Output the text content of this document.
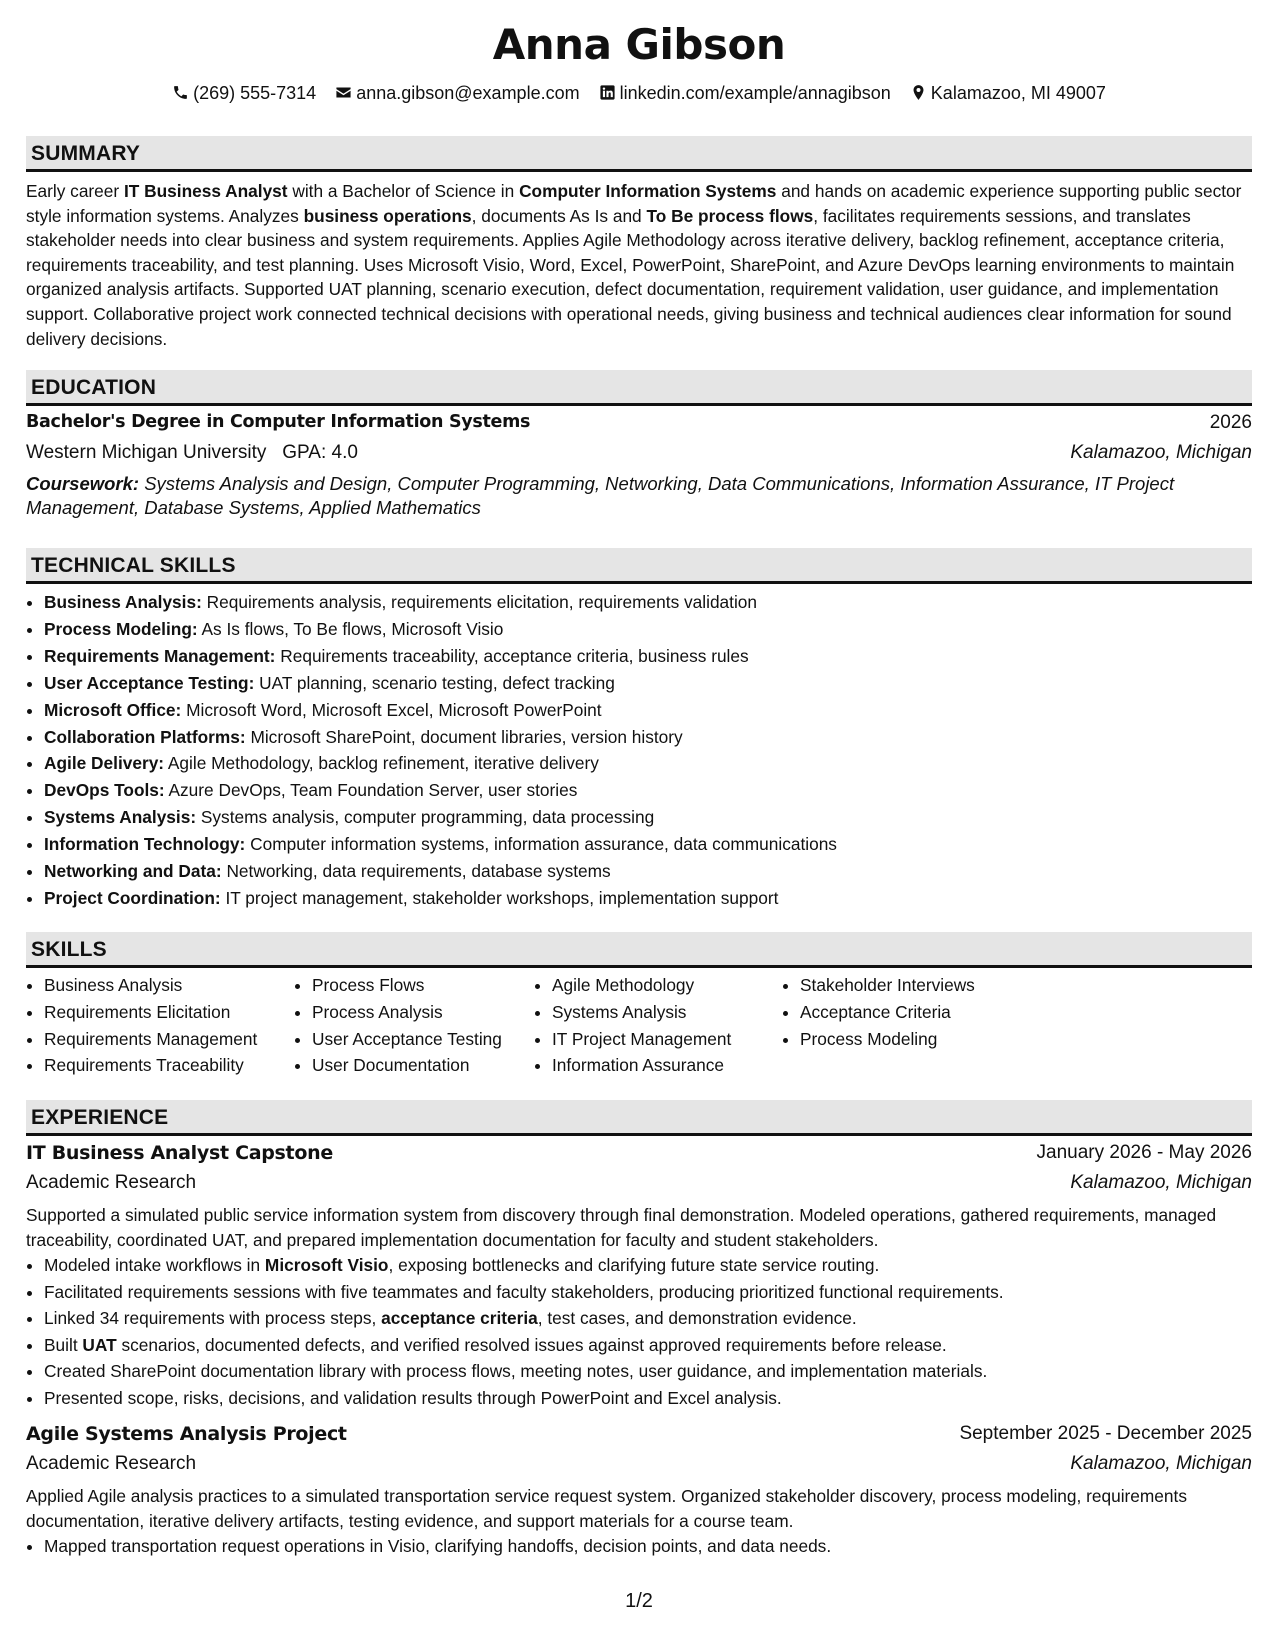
Anna Gibson
(269) 555-7314 anna.gibson@example.com linkedin.com/example/annagibson Kalamazoo, MI 49007
SUMMARY

Early career IT Business Analyst with a Bachelor of Science in Computer Information Systems and hands on academic experience supporting public sector style information systems. Analyzes business operations, documents As Is and To Be process flows, facilitates requirements sessions, and translates stakeholder needs into clear business and system requirements. Applies Agile Methodology across iterative delivery, backlog refinement, acceptance criteria, requirements traceability, and test planning. Uses Microsoft Visio, Word, Excel, PowerPoint, SharePoint, and Azure DevOps learning environments to maintain organized analysis artifacts. Supported UAT planning, scenario execution, defect documentation, requirement validation, user guidance, and implementation support. Collaborative project work connected technical decisions with operational needs, giving business and technical audiences clear information for sound delivery decisions.

EDUCATION
Bachelor's Degree in Computer Information Systems	2026
Western Michigan University GPA: 4.0	Kalamazoo, Michigan
Coursework: Systems Analysis and Design, Computer Programming, Networking, Data Communications, Information Assurance, IT Project Management, Database Systems, Applied Mathematics
TECHNICAL SKILLS
• Business Analysis: Requirements analysis, requirements elicitation, requirements validation
• Process Modeling: As Is flows, To Be flows, Microsoft Visio
• Requirements Management: Requirements traceability, acceptance criteria, business rules
• User Acceptance Testing: UAT planning, scenario testing, defect tracking
• Microsoft Office: Microsoft Word, Microsoft Excel, Microsoft PowerPoint
• Collaboration Platforms: Microsoft SharePoint, document libraries, version history
• Agile Delivery: Agile Methodology, backlog refinement, iterative delivery
• DevOps Tools: Azure DevOps, Team Foundation Server, user stories
• Systems Analysis: Systems analysis, computer programming, data processing
• Information Technology: Computer information systems, information assurance, data communications
• Networking and Data: Networking, data requirements, database systems
• Project Coordination: IT project management, stakeholder workshops, implementation support
SKILLS
• Business Analysis
• Requirements Elicitation
• Requirements Management
• Requirements Traceability
• Process Flows
• Process Analysis
• User Acceptance Testing
• User Documentation
• Agile Methodology
• Systems Analysis
• IT Project Management
• Information Assurance
• Stakeholder Interviews
• Acceptance Criteria
• Process Modeling
EXPERIENCE
IT Business Analyst Capstone	January 2026 - May 2026
Academic Research	Kalamazoo, Michigan

Supported a simulated public service information system from discovery through final demonstration. Modeled operations, gathered requirements, managed traceability, coordinated UAT, and prepared implementation documentation for faculty and student stakeholders.

• Modeled intake workflows in Microsoft Visio, exposing bottlenecks and clarifying future state service routing.
• Facilitated requirements sessions with five teammates and faculty stakeholders, producing prioritized functional requirements.
• Linked 34 requirements with process steps, acceptance criteria, test cases, and demonstration evidence.
• Built UAT scenarios, documented defects, and verified resolved issues against approved requirements before release.
• Created SharePoint documentation library with process flows, meeting notes, user guidance, and implementation materials.
• Presented scope, risks, decisions, and validation results through PowerPoint and Excel analysis.
Agile Systems Analysis Project	September 2025 - December 2025
Academic Research	Kalamazoo, Michigan

Applied Agile analysis practices to a simulated transportation service request system. Organized stakeholder discovery, process modeling, requirements documentation, iterative delivery artifacts, testing evidence, and support materials for a course team.

• Mapped transportation request operations in Visio, clarifying handoffs, decision points, and data needs.
1/2
